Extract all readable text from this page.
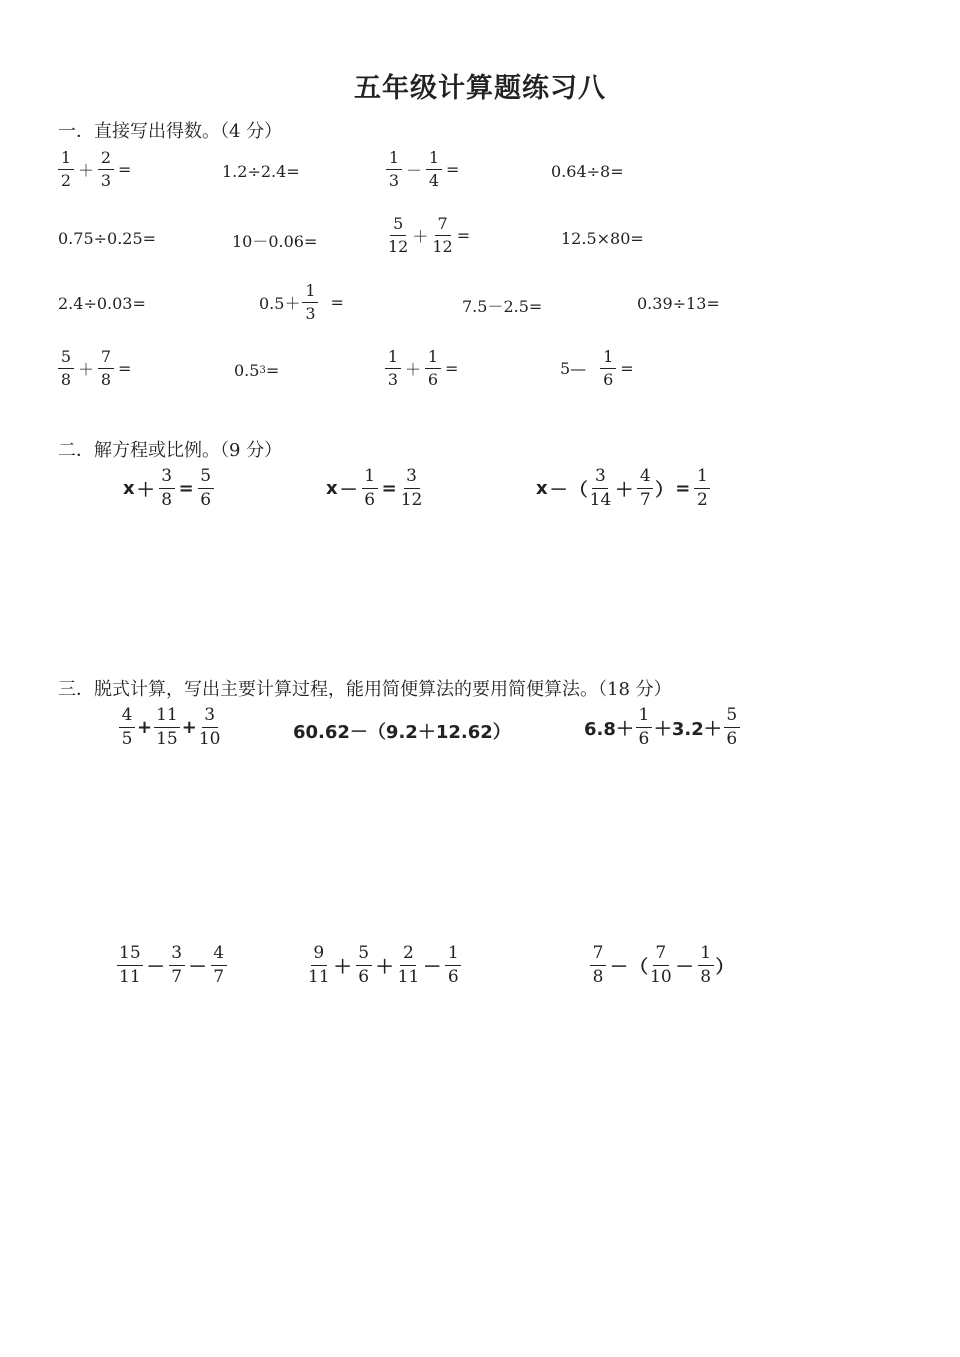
五年级计算题练习八
一．直接写出得数。（4 分）
$\frac{1}{2} + \frac{2}{3}$ =	1.2÷2.4=	$\frac{1}{3} - \frac{1}{4}$ =	0.64÷8=
0.75÷0.25=	10－0.06=	$\frac{5}{12} + \frac{7}{12}$ =	12.5×80=
2.4÷0.03=	$0.5+ \frac{1}{3}$ =	7.5－2.5=	0.39÷13=
$\frac{5}{8} + \frac{7}{8}$ =	0.5 3 =	$\frac{1}{3} + \frac{1}{6}$ =	5— $\frac{1}{6}$ =
二．解方程或比例。（9 分）
$x + \frac{3}{8} = \frac{5}{6}$	$x - \frac{1}{6} = \frac{3}{12}$	x － （ $\frac{3}{14} + \frac{4}{7}$ ） = $\frac{1}{2}$
三．脱式计算，写出主要计算过程，能用简便算法的要用简便算法。（18 分）
$\frac{4}{5} + \frac{11}{15} + \frac{3}{10}$	60.62－（9.2＋12.62）	$6.8+ \frac{1}{6} +3.2+ \frac{5}{6}$
$\frac{15}{11} - \frac{3}{7} - \frac{4}{7}$	$\frac{9}{11} + \frac{5}{6} + \frac{2}{11} - \frac{1}{6}$	$\frac{7}{8}$ － （ $\frac{7}{10} - \frac{1}{8}$ ）
